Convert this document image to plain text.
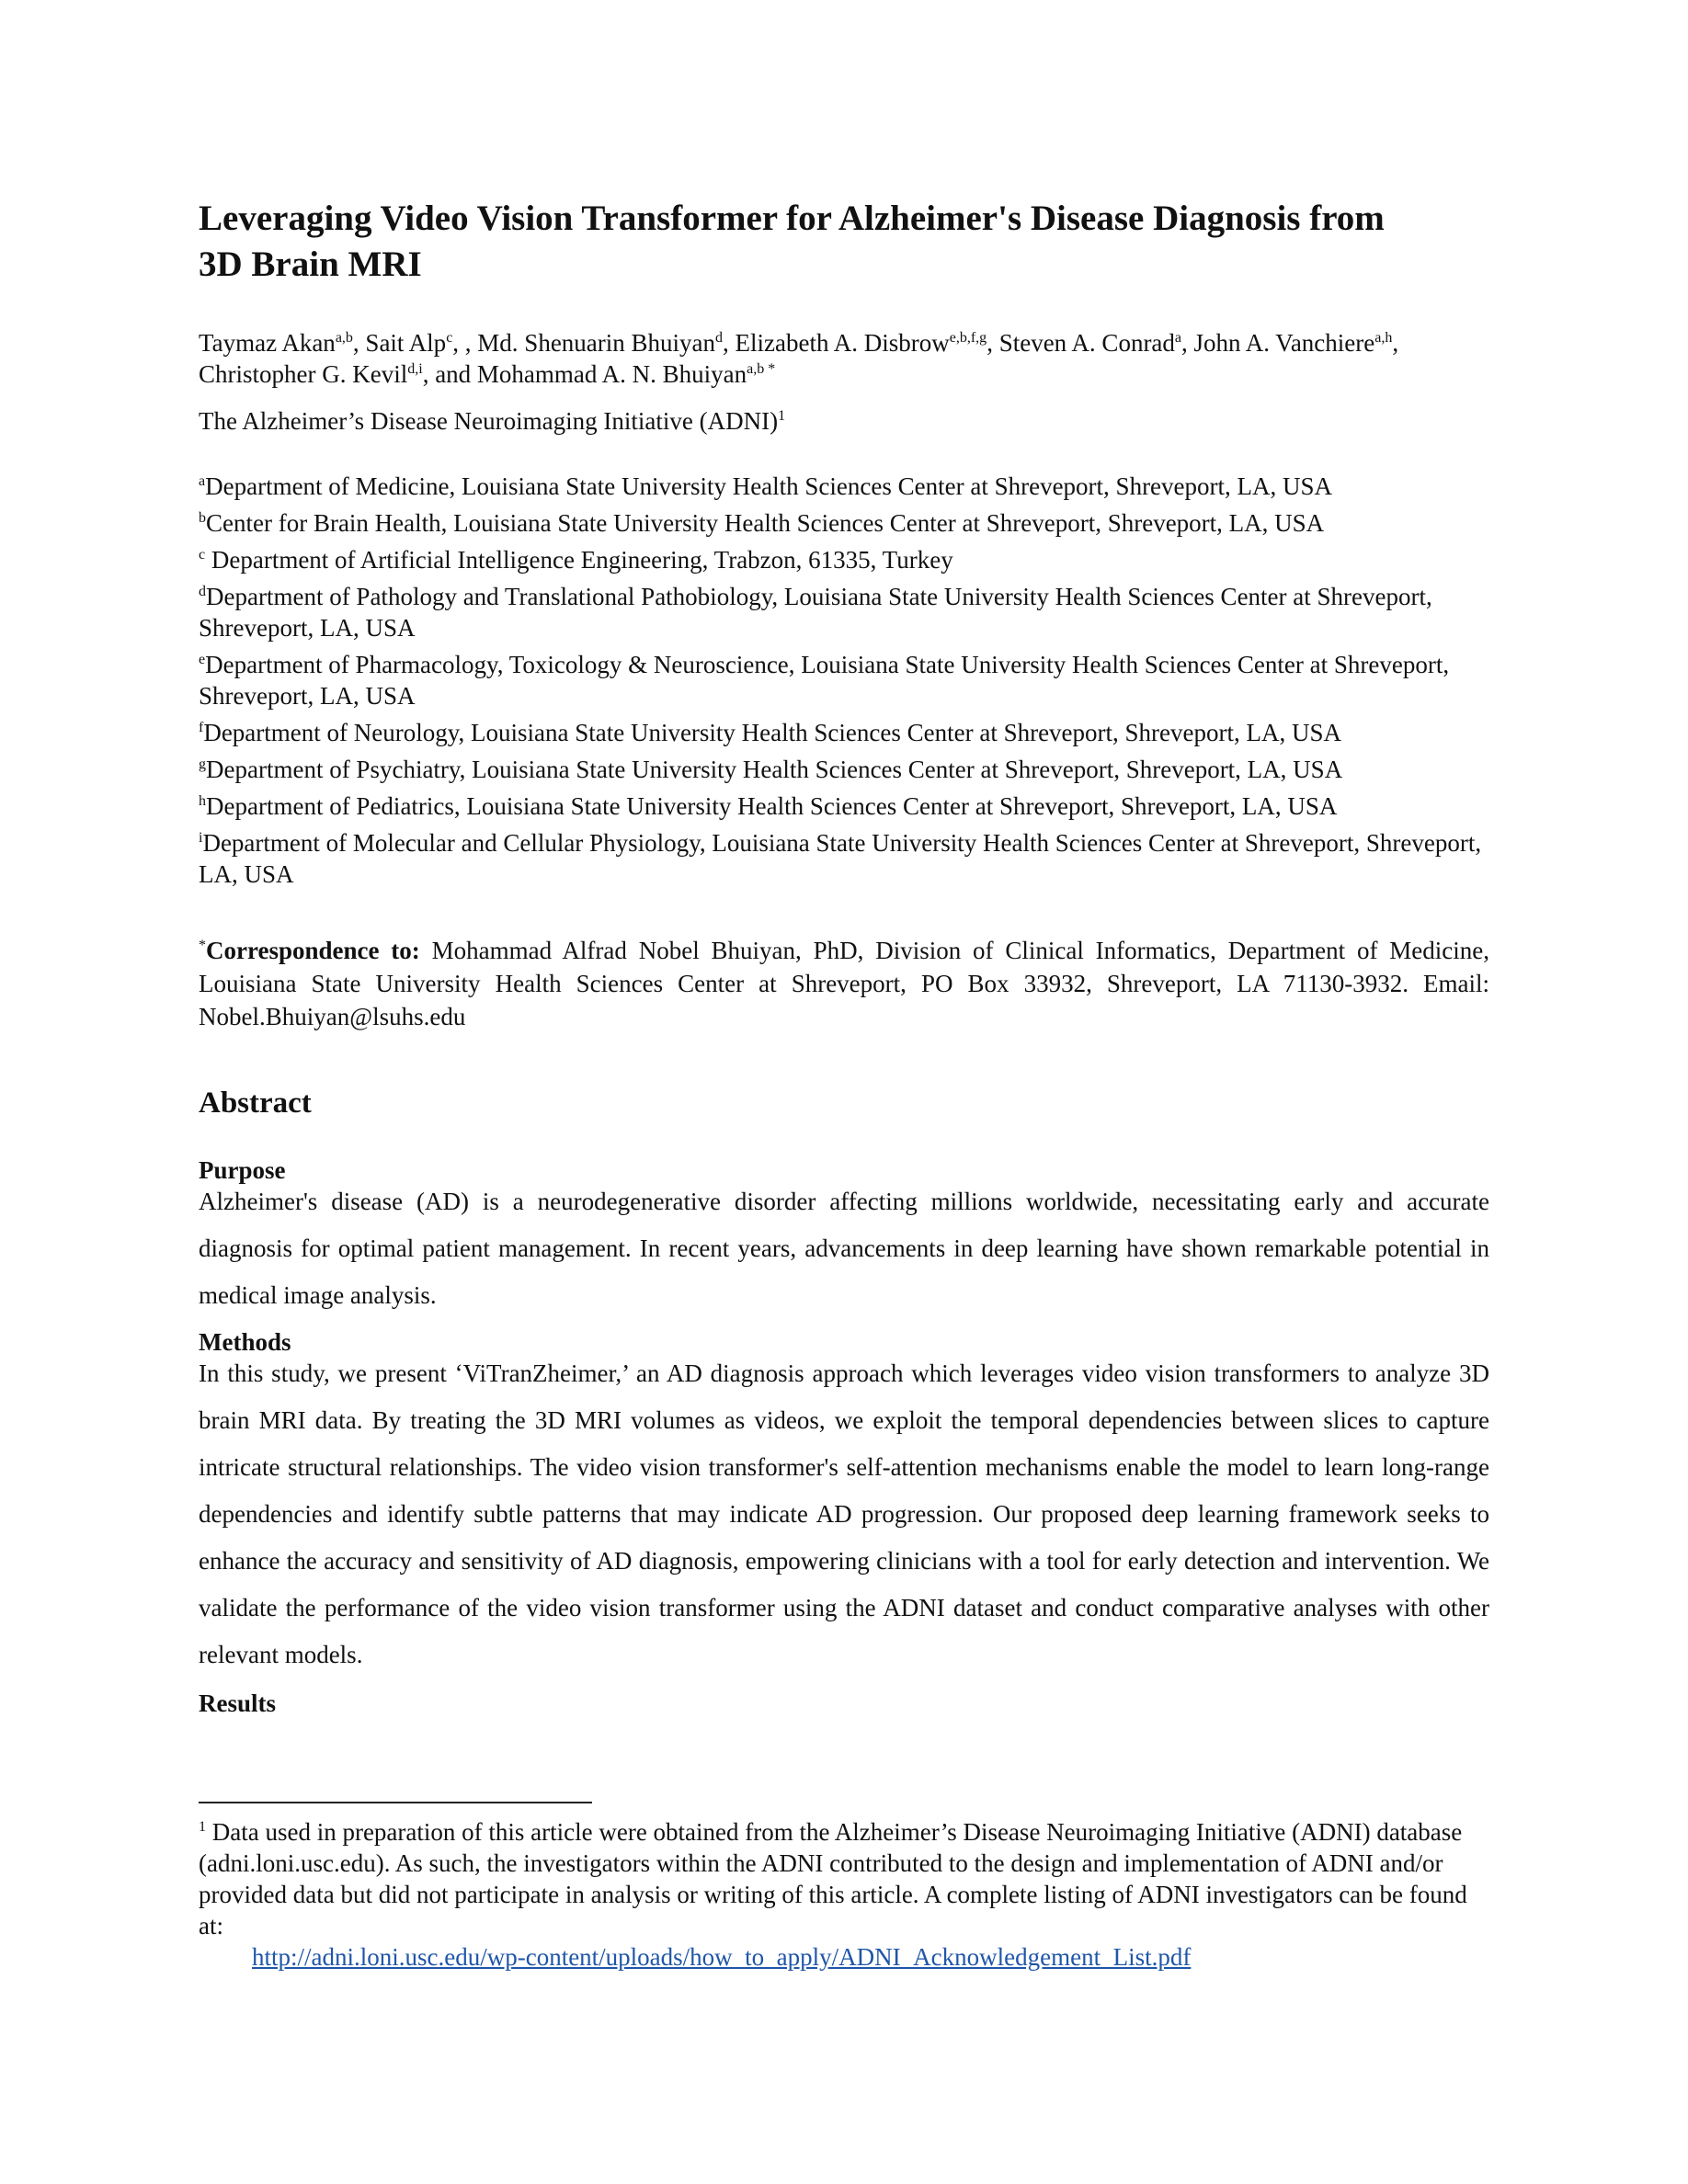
Leveraging Video Vision Transformer for Alzheimer's Disease Diagnosis from
3D Brain MRI
Taymaz Akan$^{a,b}$, Sait Alp$^c$, , Md. Shenuarin Bhuiyan$^d$, Elizabeth A. Disbrow$^{e,b,f,g}$, Steven A. Conrad$^a$, John A. Vanchiere$^{a,h}$, Christopher G. Kevil$^{d,i}$, and Mohammad A. N. Bhuiyan$^{a,b *}$
The Alzheimer’s Disease Neuroimaging Initiative (ADNI)$^1$
$^a$Department of Medicine, Louisiana State University Health Sciences Center at Shreveport, Shreveport, LA, USA
$^b$Center for Brain Health, Louisiana State University Health Sciences Center at Shreveport, Shreveport, LA, USA
$^c$ Department of Artificial Intelligence Engineering, Trabzon, 61335, Turkey
$^d$Department of Pathology and Translational Pathobiology, Louisiana State University Health Sciences Center at Shreveport, Shreveport, LA, USA
$^e$Department of Pharmacology, Toxicology & Neuroscience, Louisiana State University Health Sciences Center at Shreveport, Shreveport, LA, USA
$^f$Department of Neurology, Louisiana State University Health Sciences Center at Shreveport, Shreveport, LA, USA
$^g$Department of Psychiatry, Louisiana State University Health Sciences Center at Shreveport, Shreveport, LA, USA
$^h$Department of Pediatrics, Louisiana State University Health Sciences Center at Shreveport, Shreveport, LA, USA
$^i$Department of Molecular and Cellular Physiology, Louisiana State University Health Sciences Center at Shreveport, Shreveport, LA, USA
*Correspondence to: Mohammad Alfrad Nobel Bhuiyan, PhD, Division of Clinical Informatics, Department of Medicine, Louisiana State University Health Sciences Center at Shreveport, PO Box 33932, Shreveport, LA 71130-3932. Email: Nobel.Bhuiyan@lsuhs.edu
Abstract
Purpose
Alzheimer's disease (AD) is a neurodegenerative disorder affecting millions worldwide, necessitating early and accurate diagnosis for optimal patient management. In recent years, advancements in deep learning have shown remarkable potential in medical image analysis.
Methods
In this study, we present ‘ViTranZheimer,’ an AD diagnosis approach which leverages video vision transformers to analyze 3D brain MRI data. By treating the 3D MRI volumes as videos, we exploit the temporal dependencies between slices to capture intricate structural relationships. The video vision transformer's self-attention mechanisms enable the model to learn long-range dependencies and identify subtle patterns that may indicate AD progression. Our proposed deep learning framework seeks to enhance the accuracy and sensitivity of AD diagnosis, empowering clinicians with a tool for early detection and intervention. We validate the performance of the video vision transformer using the ADNI dataset and conduct comparative analyses with other relevant models.
Results
$^1$ Data used in preparation of this article were obtained from the Alzheimer’s Disease Neuroimaging Initiative (ADNI) database (adni.loni.usc.edu). As such, the investigators within the ADNI contributed to the design and implementation of ADNI and/or provided data but did not participate in analysis or writing of this article. A complete listing of ADNI investigators can be found at:
http://adni.loni.usc.edu/wp-content/uploads/how_to_apply/ADNI_Acknowledgement_List.pdf
